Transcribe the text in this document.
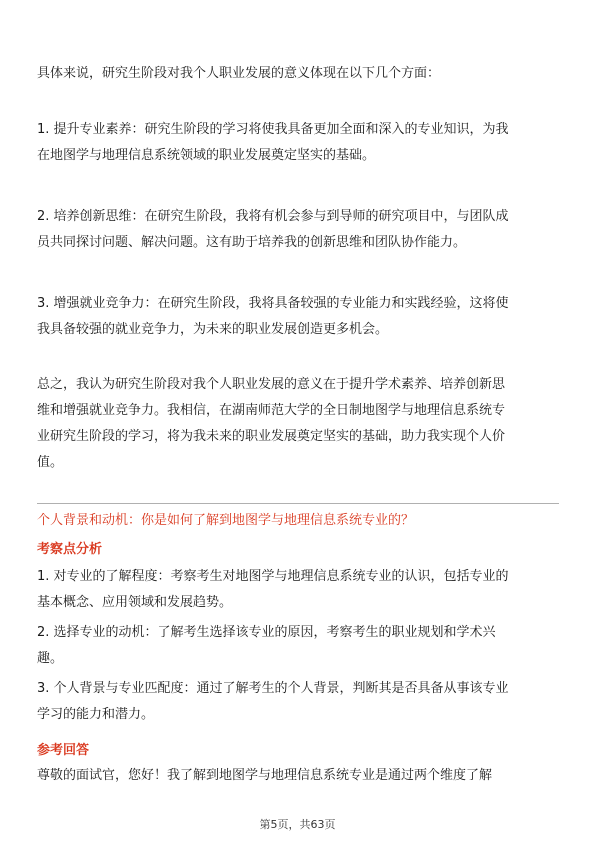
具体来说，研究生阶段对我个人职业发展的意义体现在以下几个方面：

1. 提升专业素养：研究生阶段的学习将使我具备更加全面和深入的专业知识，为我
在地图学与地理信息系统领域的职业发展奠定坚实的基础。
2. 培养创新思维：在研究生阶段，我将有机会参与到导师的研究项目中，与团队成
员共同探讨问题、解决问题。这有助于培养我的创新思维和团队协作能力。
3. 增强就业竞争力：在研究生阶段，我将具备较强的专业能力和实践经验，这将使
我具备较强的就业竞争力，为未来的职业发展创造更多机会。
总之，我认为研究生阶段对我个人职业发展的意义在于提升学术素养、培养创新思
维和增强就业竞争力。我相信，在湖南师范大学的全日制地图学与地理信息系统专
业研究生阶段的学习，将为我未来的职业发展奠定坚实的基础，助力我实现个人价
值。

个人背景和动机：你是如何了解到地图学与地理信息系统专业的？

考察点分析

1. 对专业的了解程度：考察考生对地图学与地理信息系统专业的认识，包括专业的
基本概念、应用领域和发展趋势。
2. 选择专业的动机：了解考生选择该专业的原因，考察考生的职业规划和学术兴
趣。
3. 个人背景与专业匹配度：通过了解考生的个人背景，判断其是否具备从事该专业
学习的能力和潜力。

参考回答

尊敬的面试官，您好！我了解到地图学与地理信息系统专业是通过两个维度了解

第5页，共63页
